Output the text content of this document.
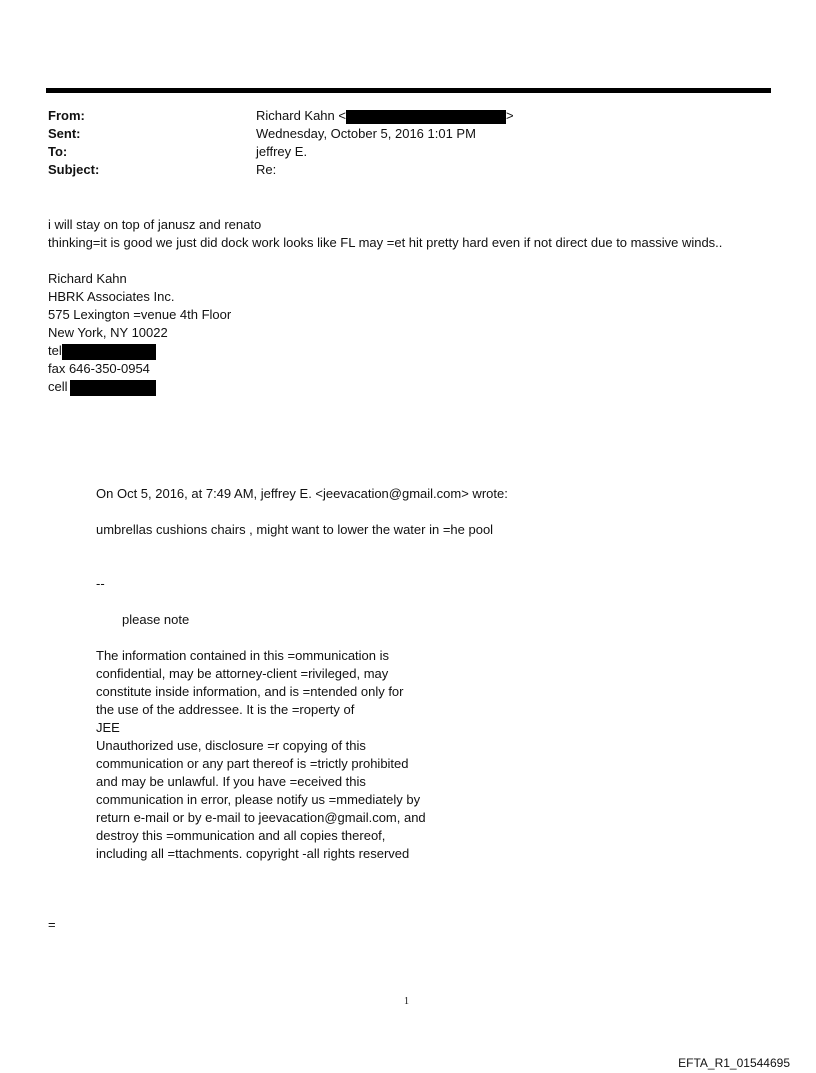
From:	Richard Kahn <	>
Sent:	Wednesday, October 5, 2016 1:01 PM
To:	jeffrey E.
Subject:	Re:
i will stay on top of janusz and renato
thinking=it is good we just did dock work looks like FL may =et hit pretty hard even if not direct due to massive winds..
Richard Kahn
HBRK Associates Inc.
575 Lexington =venue 4th Floor
New York, NY 10022
tel
fax 646-350-0954
cell
On Oct 5, 2016, at 7:49 AM, jeffrey E. <jeevacation@gmail.com> wrote:
umbrellas cushions chairs , might want to lower the water in =he pool
--
please note
The information contained in this =ommunication is
confidential, may be attorney-client =rivileged, may
constitute inside information, and is =ntended only for
the use of the addressee. It is the =roperty of
JEE
Unauthorized use, disclosure =r copying of this
communication or any part thereof is =trictly prohibited
and may be unlawful. If you have =eceived this
communication in error, please notify us =mmediately by
return e-mail or by e-mail to jeevacation@gmail.com, and
destroy this =ommunication and all copies thereof,
including all =ttachments. copyright -all rights reserved
=
1
EFTA_R1_01544695
